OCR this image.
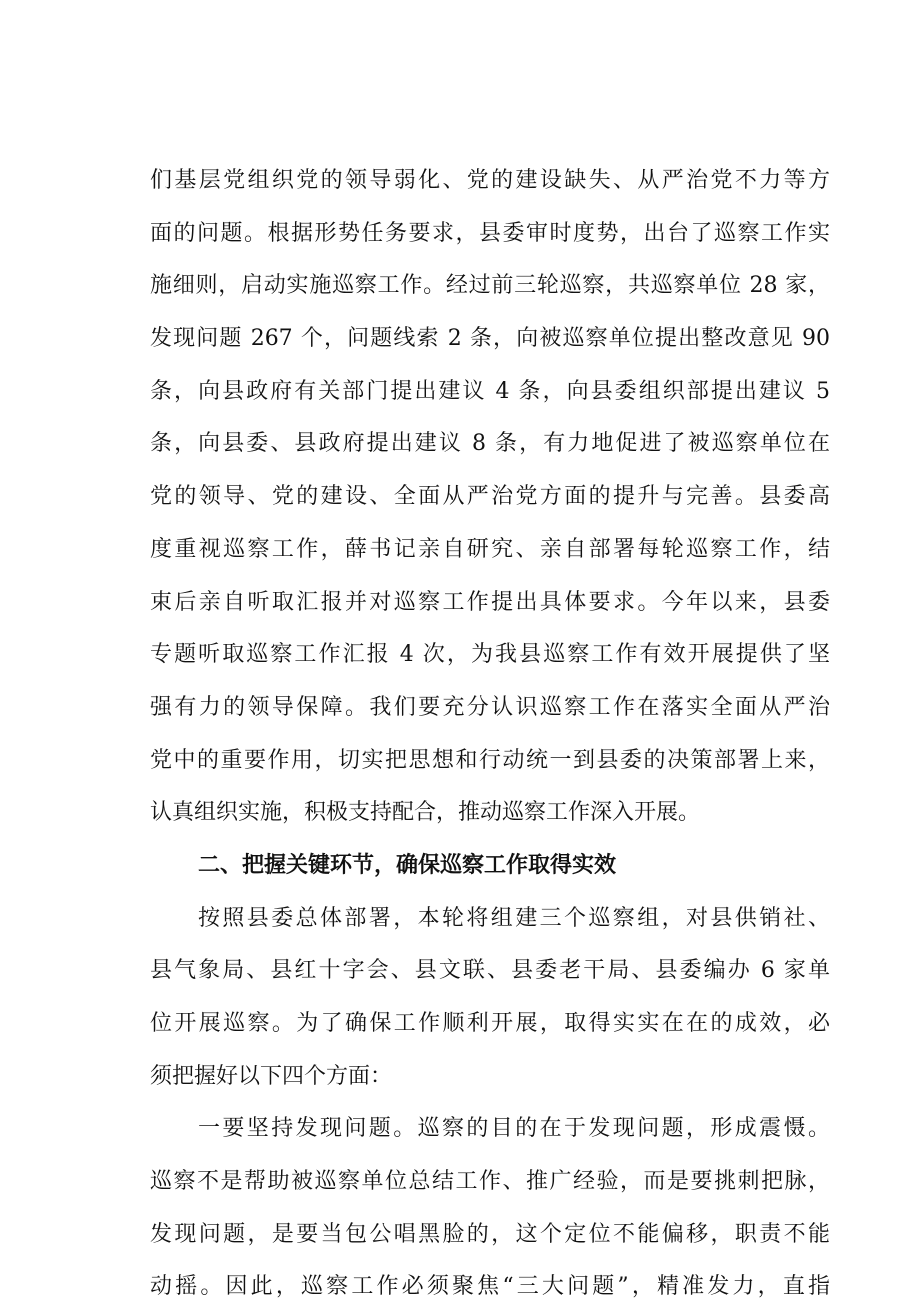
们基层党组织党的领导弱化、党的建设缺失、从严治党不力等方
面的问题。根据形势任务要求，县委审时度势，出台了巡察工作实
施细则，启动实施巡察工作。经过前三轮巡察，共巡察单位 28 家，
发现问题 267 个，问题线索 2 条，向被巡察单位提出整改意见 90
条，向县政府有关部门提出建议 4 条，向县委组织部提出建议 5
条，向县委、县政府提出建议 8 条，有力地促进了被巡察单位在
党的领导、党的建设、全面从严治党方面的提升与完善。县委高
度重视巡察工作，薛书记亲自研究、亲自部署每轮巡察工作，结
束后亲自听取汇报并对巡察工作提出具体要求。今年以来，县委
专题听取巡察工作汇报 4 次，为我县巡察工作有效开展提供了坚
强有力的领导保障。我们要充分认识巡察工作在落实全面从严治
党中的重要作用，切实把思想和行动统一到县委的决策部署上来，
认真组织实施，积极支持配合，推动巡察工作深入开展。
二、把握关键环节，确保巡察工作取得实效
按照县委总体部署，本轮将组建三个巡察组，对县供销社、
县气象局、县红十字会、县文联、县委老干局、县委编办 6 家单
位开展巡察。为了确保工作顺利开展，取得实实在在的成效，必
须把握好以下四个方面：
一要坚持发现问题。巡察的目的在于发现问题，形成震慑。
巡察不是帮助被巡察单位总结工作、推广经验，而是要挑刺把脉，
发现问题，是要当包公唱黑脸的，这个定位不能偏移，职责不能
动摇。因此，巡察工作必须聚焦“三大问题”，精准发力，直指
